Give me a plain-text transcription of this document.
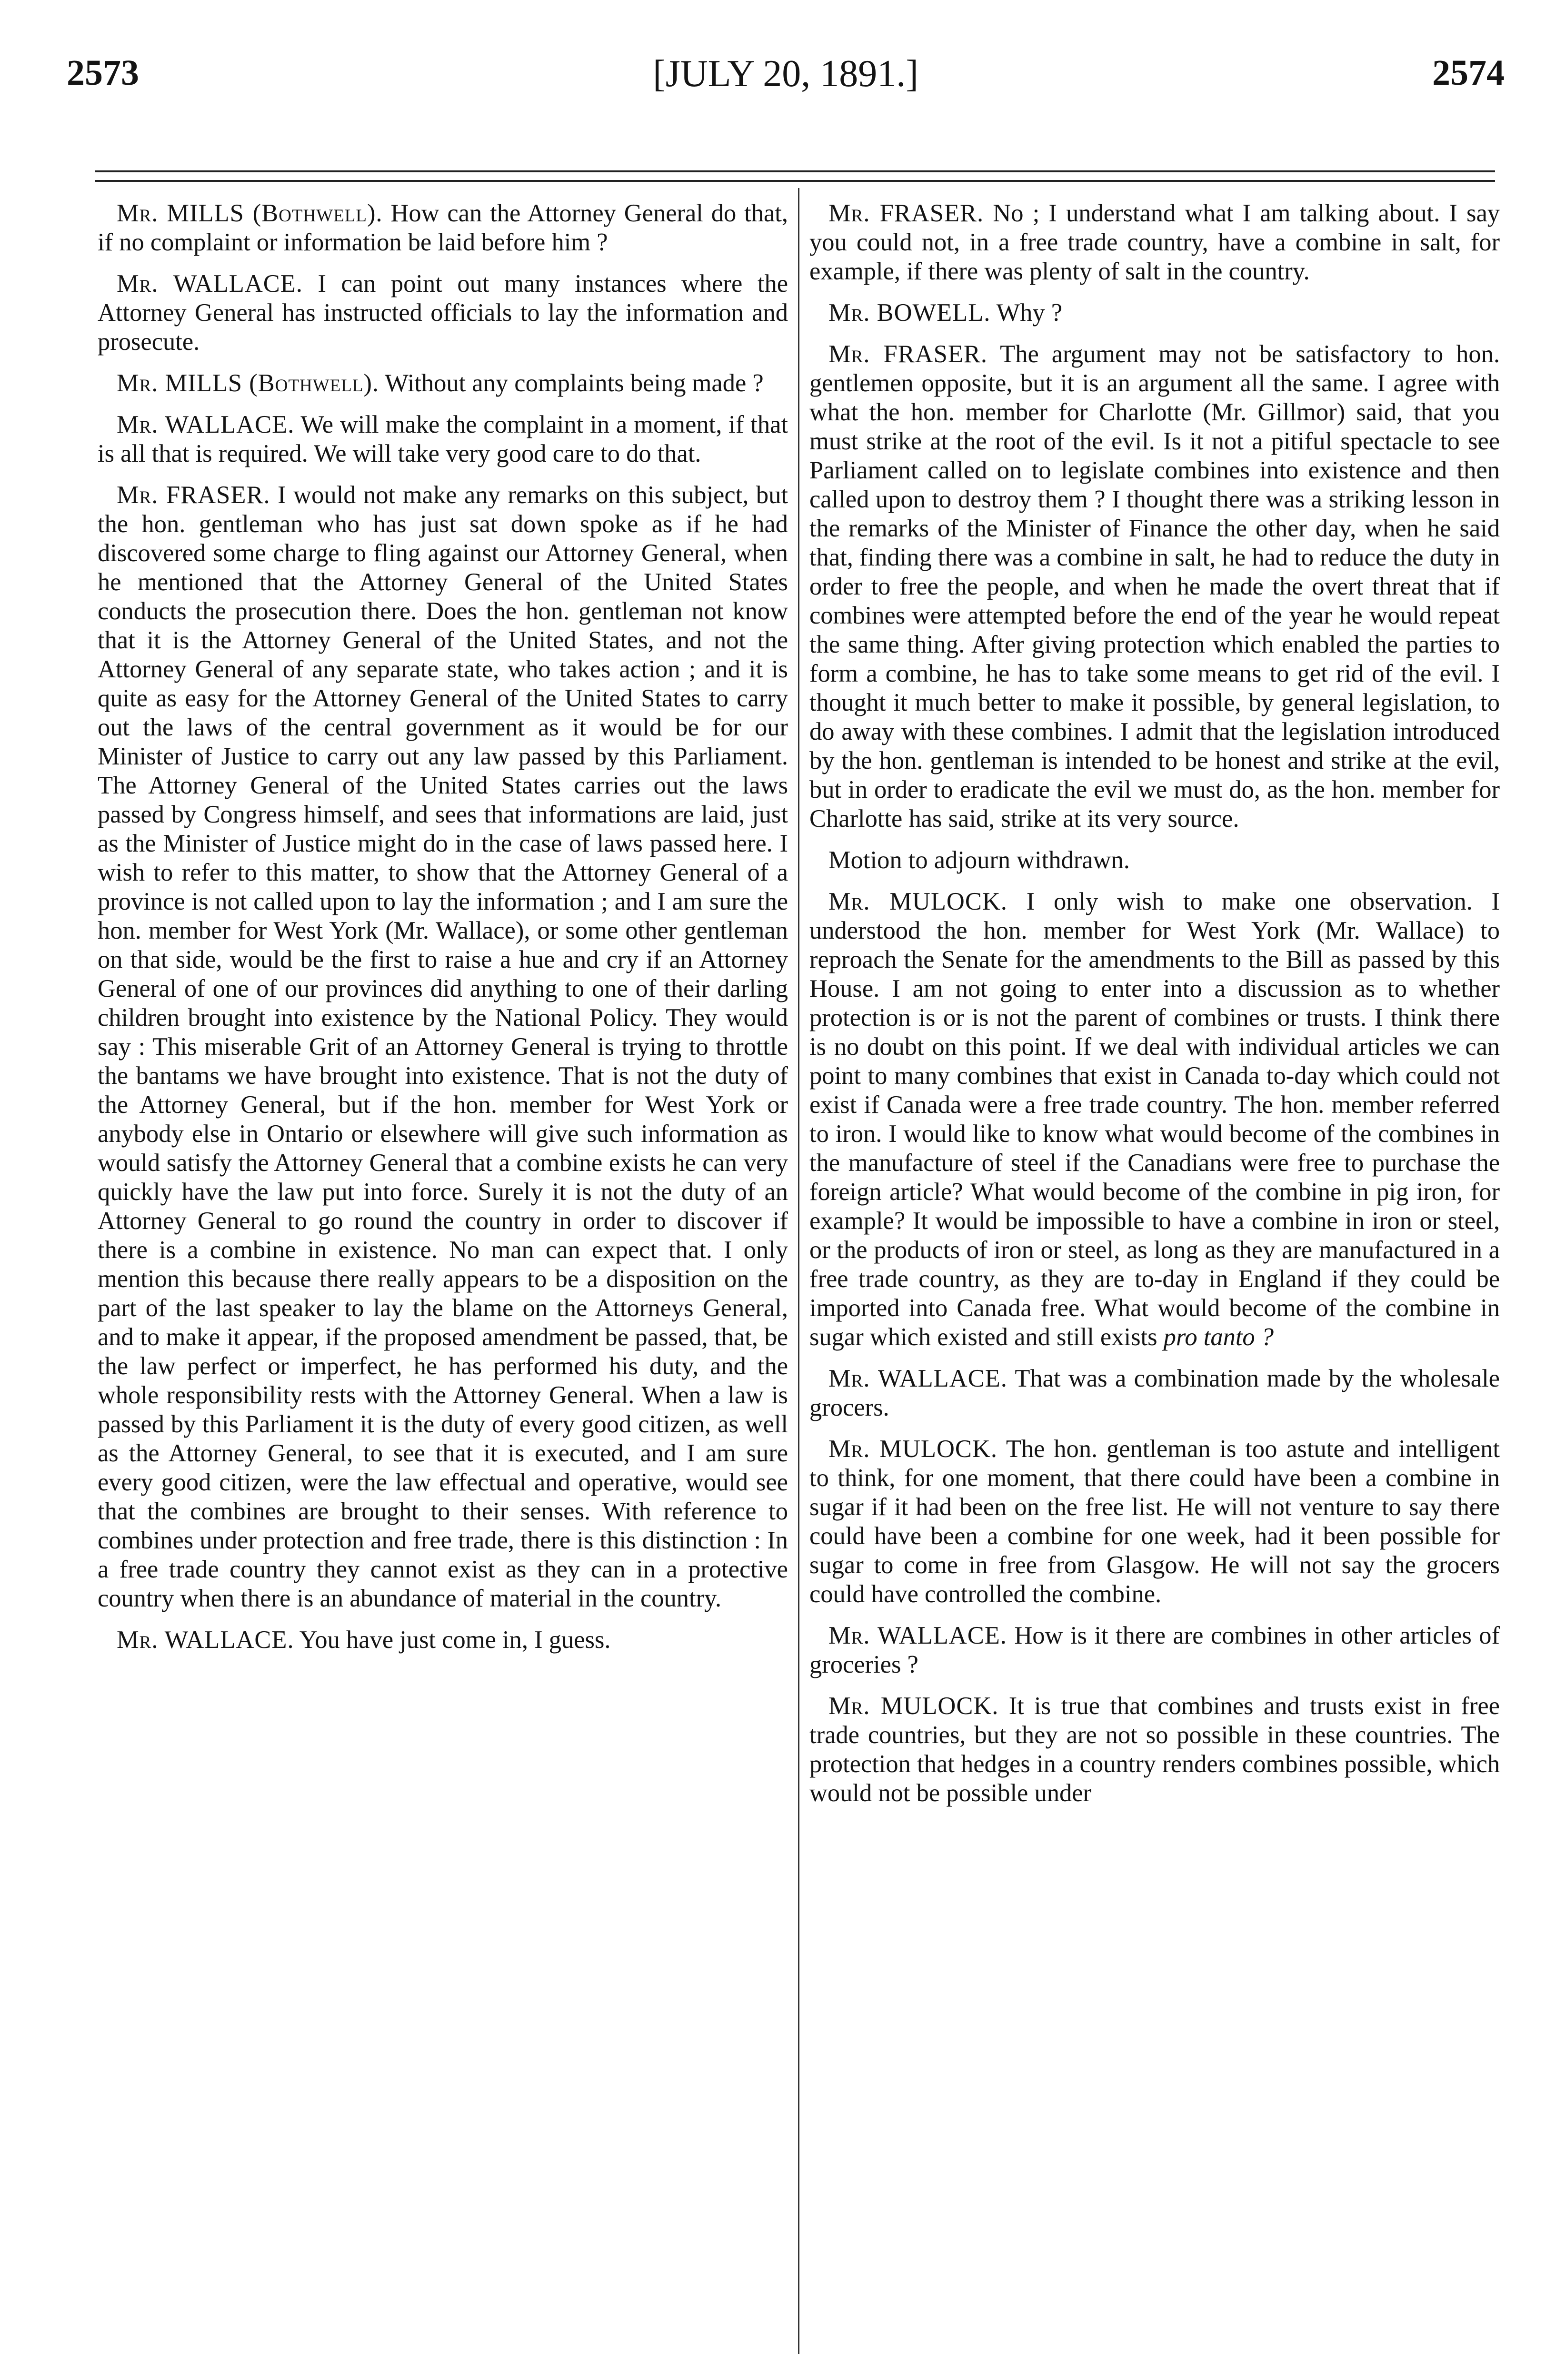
2573	[JULY 20, 1891.]	2574

Mr. MILLS (Bothwell). How can the Attorney General do that, if no complaint or information be laid before him ?

Mr. WALLACE. I can point out many instances where the Attorney General has instructed officials to lay the information and prosecute.

Mr. MILLS (Bothwell). Without any complaints being made ?

Mr. WALLACE. We will make the complaint in a moment, if that is all that is required. We will take very good care to do that.

Mr. FRASER. I would not make any remarks on this subject, but the hon. gentleman who has just sat down spoke as if he had discovered some charge to fling against our Attorney General, when he mentioned that the Attorney General of the United States conducts the prosecution there. Does the hon. gentleman not know that it is the Attorney General of the United States, and not the Attorney General of any separate state, who takes action ; and it is quite as easy for the Attorney General of the United States to carry out the laws of the central government as it would be for our Minister of Justice to carry out any law passed by this Parliament. The Attorney General of the United States carries out the laws passed by Congress himself, and sees that informations are laid, just as the Minister of Justice might do in the case of laws passed here. I wish to refer to this matter, to show that the Attorney General of a province is not called upon to lay the information ; and I am sure the hon. member for West York (Mr. Wallace), or some other gentleman on that side, would be the first to raise a hue and cry if an Attorney General of one of our provinces did anything to one of their darling children brought into existence by the National Policy. They would say : This miserable Grit of an Attorney General is trying to throttle the bantams we have brought into existence. That is not the duty of the Attorney General, but if the hon. member for West York or anybody else in Ontario or elsewhere will give such information as would satisfy the Attorney General that a combine exists he can very quickly have the law put into force. Surely it is not the duty of an Attorney General to go round the country in order to discover if there is a combine in existence. No man can expect that. I only mention this because there really appears to be a disposition on the part of the last speaker to lay the blame on the Attorneys General, and to make it appear, if the proposed amendment be passed, that, be the law perfect or imperfect, he has performed his duty, and the whole responsibility rests with the Attorney General. When a law is passed by this Parliament it is the duty of every good citizen, as well as the Attorney General, to see that it is executed, and I am sure every good citizen, were the law effectual and operative, would see that the combines are brought to their senses. With reference to combines under protection and free trade, there is this distinction : In a free trade country they cannot exist as they can in a protective country when there is an abundance of material in the country.

Mr. WALLACE. You have just come in, I guess.

Mr. FRASER. No ; I understand what I am talking about. I say you could not, in a free trade country, have a combine in salt, for example, if there was plenty of salt in the country.

Mr. BOWELL. Why ?

Mr. FRASER. The argument may not be satisfactory to hon. gentlemen opposite, but it is an argument all the same. I agree with what the hon. member for Charlotte (Mr. Gillmor) said, that you must strike at the root of the evil. Is it not a pitiful spectacle to see Parliament called on to legislate combines into existence and then called upon to destroy them ? I thought there was a striking lesson in the remarks of the Minister of Finance the other day, when he said that, finding there was a combine in salt, he had to reduce the duty in order to free the people, and when he made the overt threat that if combines were attempted before the end of the year he would repeat the same thing. After giving protection which enabled the parties to form a combine, he has to take some means to get rid of the evil. I thought it much better to make it possible, by general legislation, to do away with these combines. I admit that the legislation introduced by the hon. gentleman is intended to be honest and strike at the evil, but in order to eradicate the evil we must do, as the hon. member for Charlotte has said, strike at its very source.

Motion to adjourn withdrawn.

Mr. MULOCK. I only wish to make one observation. I understood the hon. member for West York (Mr. Wallace) to reproach the Senate for the amendments to the Bill as passed by this House. I am not going to enter into a discussion as to whether protection is or is not the parent of combines or trusts. I think there is no doubt on this point. If we deal with individual articles we can point to many combines that exist in Canada to-day which could not exist if Canada were a free trade country. The hon. member referred to iron. I would like to know what would become of the combines in the manufacture of steel if the Canadians were free to purchase the foreign article? What would become of the combine in pig iron, for example? It would be impossible to have a combine in iron or steel, or the products of iron or steel, as long as they are manufactured in a free trade country, as they are to-day in England if they could be imported into Canada free. What would become of the combine in sugar which existed and still exists pro tanto ?

Mr. WALLACE. That was a combination made by the wholesale grocers.

Mr. MULOCK. The hon. gentleman is too astute and intelligent to think, for one moment, that there could have been a combine in sugar if it had been on the free list. He will not venture to say there could have been a combine for one week, had it been possible for sugar to come in free from Glasgow. He will not say the grocers could have controlled the combine.

Mr. WALLACE. How is it there are combines in other articles of groceries ?

Mr. MULOCK. It is true that combines and trusts exist in free trade countries, but they are not so possible in these countries. The protection that hedges in a country renders combines possible, which would not be possible under
